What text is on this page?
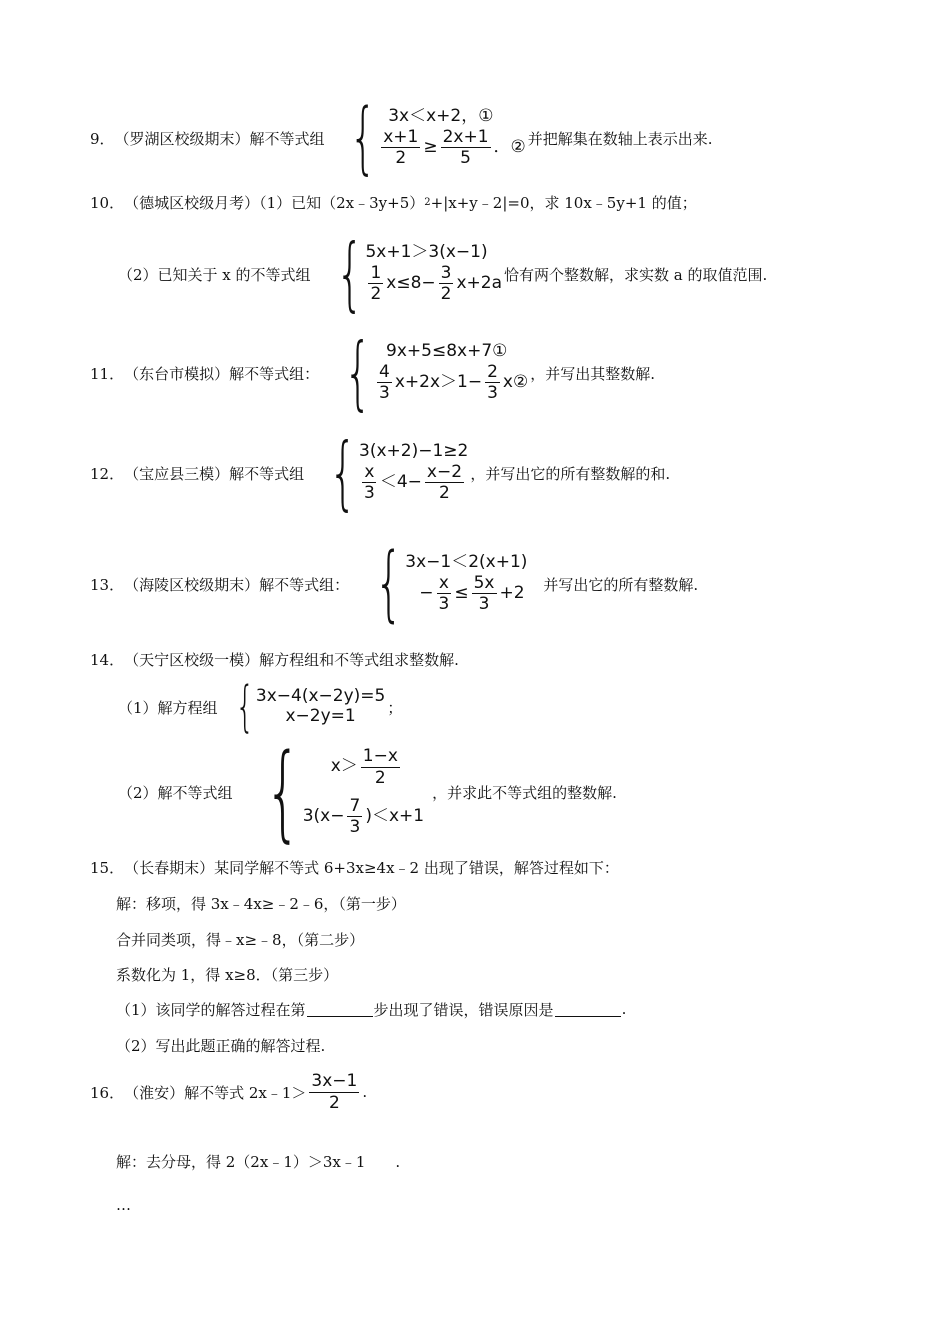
9． （罗湖区校级期末）解不等式组 { 3x＜x+2，①
$\frac{x+1}{2} \ge \frac{2x+1}{5}$ ．② 并把解集在数轴上表示出来.
10． （德城区校级月考）（1）已知（2x﹣3y+5） 2 +|x+y﹣2|=0，求 10x﹣5y+1 的值；
（2）已知关于 x 的不等式组 { 5x+1＞3(x−1)
$\frac{1}{2} x\le 8- \frac{3}{2} x+2a$ 恰有两个整数解，求实数 a 的取值范围.
11． （东台市模拟）解不等式组： { 9x+5≤8x+7①
$\frac{4}{3} x+2x>1- \frac{2}{3}$ x② ，并写出其整数解.
12． （宝应县三模）解不等式组 { 3(x+2)−1≥2
$\frac{x}{3} <4- \frac{x-2}{2}$ ，并写出它的所有整数解的和.
13． （海陵区校级期末）解不等式组： { 3x−1＜2(x+1)
− $\frac{x}{3} \le \frac{5x}{3} +2$ 并写出它的所有整数解.
14． （天宁区校级一模）解方程组和不等式组求整数解.
（1）解方程组 { 3x−4(x−2y)=5
x−2y=1	；
（2）解不等式组 { $x> \frac{1-x}{2}$
$3(x- \frac{7}{3} )<x+1$
，并求此不等式组的整数解.
15． （长春期末）某同学解不等式 6+3x≥4x﹣2 出现了错误，解答过程如下：
解：移项，得 3x﹣4x≥﹣2﹣6，（第一步）
合并同类项，得﹣x≥﹣8，（第二步）
系数化为 1，得 x≥8．（第三步）
（1）该同学的解答过程在第	步出现了错误，错误原因是	.
（2）写出此题正确的解答过程.
16． （淮安）解不等式 2x﹣1＞ $\frac{3x-1}{2}$ .
解：去分母，得 2（2x﹣1）＞3x﹣1　　.
…
